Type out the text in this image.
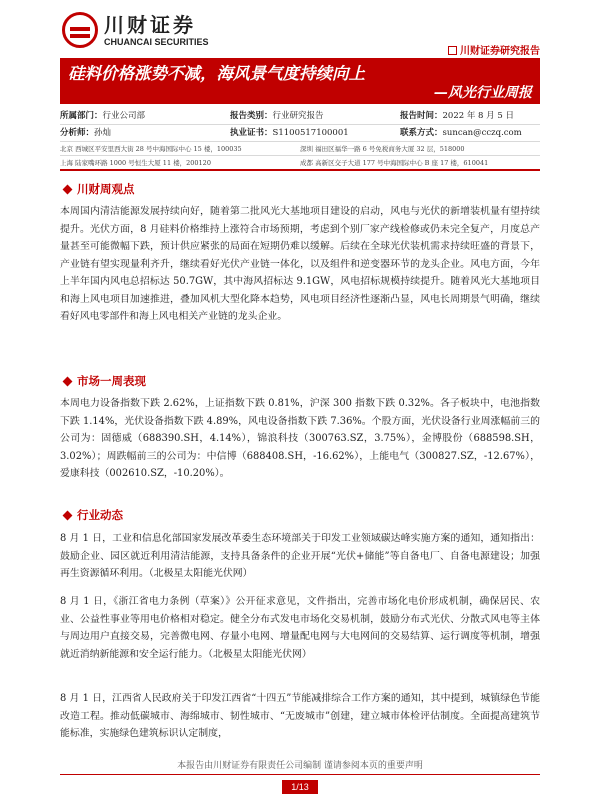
川财证券
CHUANCAI SECURITIES
川财证券研究报告
硅料价格涨势不减，海风景气度持续向上
—风光行业周报
所属部门：行业公司部	报告类别：行业研究报告	报告时间：2022 年 8 月 5 日
分析师：孙灿	执业证书：S1100517100001	联系方式：suncan@cczq.com
北京 西城区平安里西大街 28 号中海国际中心 15 楼，100035	深圳 福田区福华一路 6 号免税商务大厦 32 层，518000
上海 陆家嘴环路 1000 号恒生大厦 11 楼，200120	成都 高新区交子大道 177 号中海国际中心 B 座 17 楼，610041
川财周观点
本周国内清洁能源发展持续向好，随着第二批风光大基地项目建设的启动，风电与光伏的新增装机量有望持续提升。光伏方面，8 月硅料价格维持上涨符合市场预期，考虑到个别厂家产线检修或仍未完全复产，月度总产量甚至可能微幅下跌，预计供应紧张的局面在短期仍难以缓解。后续在全球光伏装机需求持续旺盛的背景下，产业链有望实现量利齐升，继续看好光伏产业链一体化，以及组件和逆变器环节的龙头企业。风电方面，今年上半年国内风电总招标达 50.7GW，其中海风招标达 9.1GW，风电招标规模持续提升。随着风光大基地项目和海上风电项目加速推进，叠加风机大型化降本趋势，风电项目经济性逐渐凸显，风电长周期景气明确，继续看好风电零部件和海上风电相关产业链的龙头企业。
市场一周表现
本周电力设备指数下跌 2.62%，上证指数下跌 0.81%，沪深 300 指数下跌 0.32%。各子板块中，电池指数下跌 1.14%，光伏设备指数下跌 4.89%，风电设备指数下跌 7.36%。个股方面，光伏设备行业周涨幅前三的公司为：固德威（688390.SH，4.14%），锦浪科技（300763.SZ，3.75%），金博股份（688598.SH，3.02%）；周跌幅前三的公司为：中信博（688408.SH，-16.62%），上能电气（300827.SZ，-12.67%），爱康科技（002610.SZ，-10.20%）。
行业动态
8 月 1 日，工业和信息化部国家发展改革委生态环境部关于印发工业领域碳达峰实施方案的通知，通知指出：鼓励企业、园区就近利用清洁能源，支持具备条件的企业开展“光伏+储能”等自备电厂、自备电源建设；加强再生资源循环利用。（北极星太阳能光伏网）
8 月 1 日，《浙江省电力条例（草案）》公开征求意见，文件指出，完善市场化电价形成机制，确保居民、农业、公益性事业等用电价格相对稳定。健全分布式发电市场化交易机制，鼓励分布式光伏、分散式风电等主体与周边用户直接交易，完善微电网、存量小电网、增量配电网与大电网间的交易结算、运行调度等机制，增强就近消纳新能源和安全运行能力。（北极星太阳能光伏网）
8 月 1 日，江西省人民政府关于印发江西省“十四五”节能减排综合工作方案的通知，其中提到，城镇绿色节能改造工程。推动低碳城市、海绵城市、韧性城市、“无废城市”创建，建立城市体检评估制度。全面提高建筑节能标准，实施绿色建筑标识认定制度，
本报告由川财证券有限责任公司编制 谨请参阅本页的重要声明
1/13
